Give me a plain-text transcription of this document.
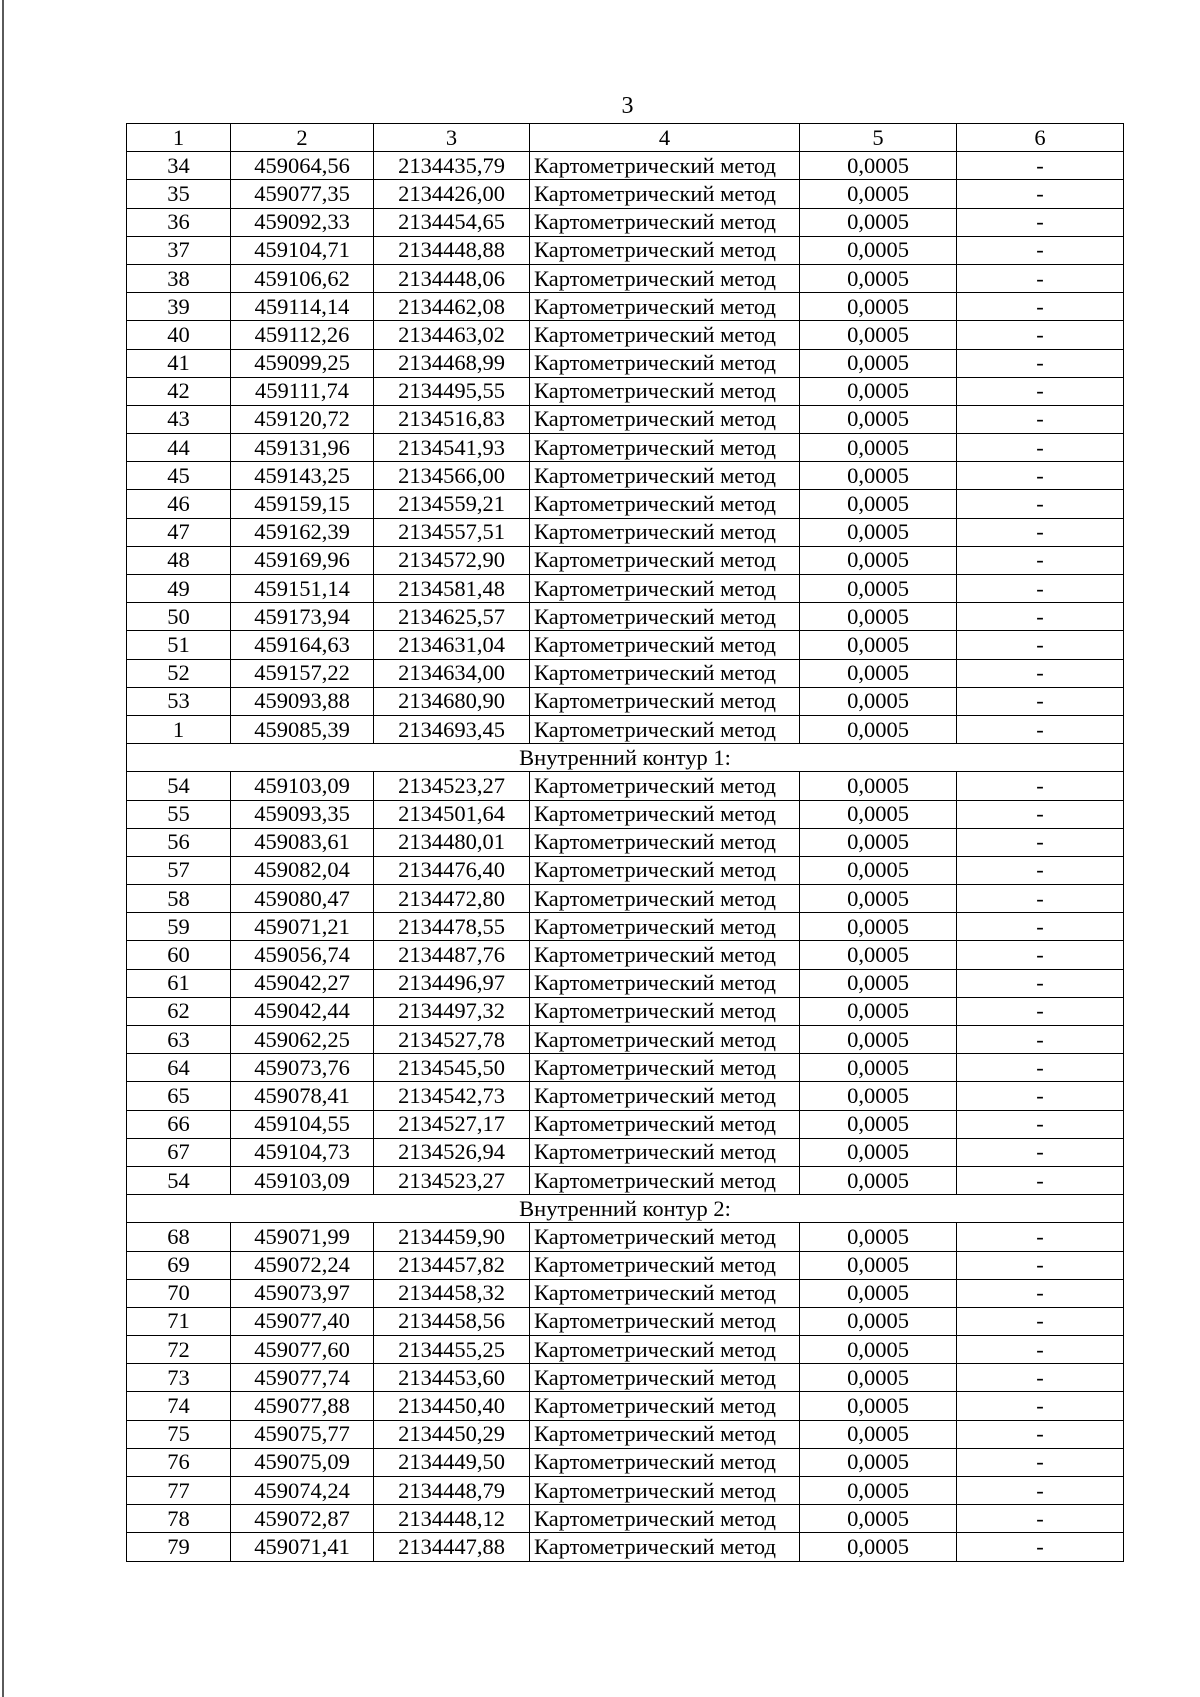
3
1	2	3	4	5	6
34	459064,56	2134435,79	Картометрический метод	0,0005	-
35	459077,35	2134426,00	Картометрический метод	0,0005	-
36	459092,33	2134454,65	Картометрический метод	0,0005	-
37	459104,71	2134448,88	Картометрический метод	0,0005	-
38	459106,62	2134448,06	Картометрический метод	0,0005	-
39	459114,14	2134462,08	Картометрический метод	0,0005	-
40	459112,26	2134463,02	Картометрический метод	0,0005	-
41	459099,25	2134468,99	Картометрический метод	0,0005	-
42	459111,74	2134495,55	Картометрический метод	0,0005	-
43	459120,72	2134516,83	Картометрический метод	0,0005	-
44	459131,96	2134541,93	Картометрический метод	0,0005	-
45	459143,25	2134566,00	Картометрический метод	0,0005	-
46	459159,15	2134559,21	Картометрический метод	0,0005	-
47	459162,39	2134557,51	Картометрический метод	0,0005	-
48	459169,96	2134572,90	Картометрический метод	0,0005	-
49	459151,14	2134581,48	Картометрический метод	0,0005	-
50	459173,94	2134625,57	Картометрический метод	0,0005	-
51	459164,63	2134631,04	Картометрический метод	0,0005	-
52	459157,22	2134634,00	Картометрический метод	0,0005	-
53	459093,88	2134680,90	Картометрический метод	0,0005	-
1	459085,39	2134693,45	Картометрический метод	0,0005	-
Внутренний контур 1:					
54	459103,09	2134523,27	Картометрический метод	0,0005	-
55	459093,35	2134501,64	Картометрический метод	0,0005	-
56	459083,61	2134480,01	Картометрический метод	0,0005	-
57	459082,04	2134476,40	Картометрический метод	0,0005	-
58	459080,47	2134472,80	Картометрический метод	0,0005	-
59	459071,21	2134478,55	Картометрический метод	0,0005	-
60	459056,74	2134487,76	Картометрический метод	0,0005	-
61	459042,27	2134496,97	Картометрический метод	0,0005	-
62	459042,44	2134497,32	Картометрический метод	0,0005	-
63	459062,25	2134527,78	Картометрический метод	0,0005	-
64	459073,76	2134545,50	Картометрический метод	0,0005	-
65	459078,41	2134542,73	Картометрический метод	0,0005	-
66	459104,55	2134527,17	Картометрический метод	0,0005	-
67	459104,73	2134526,94	Картометрический метод	0,0005	-
54	459103,09	2134523,27	Картометрический метод	0,0005	-
Внутренний контур 2:					
68	459071,99	2134459,90	Картометрический метод	0,0005	-
69	459072,24	2134457,82	Картометрический метод	0,0005	-
70	459073,97	2134458,32	Картометрический метод	0,0005	-
71	459077,40	2134458,56	Картометрический метод	0,0005	-
72	459077,60	2134455,25	Картометрический метод	0,0005	-
73	459077,74	2134453,60	Картометрический метод	0,0005	-
74	459077,88	2134450,40	Картометрический метод	0,0005	-
75	459075,77	2134450,29	Картометрический метод	0,0005	-
76	459075,09	2134449,50	Картометрический метод	0,0005	-
77	459074,24	2134448,79	Картометрический метод	0,0005	-
78	459072,87	2134448,12	Картометрический метод	0,0005	-
79	459071,41	2134447,88	Картометрический метод	0,0005	-
